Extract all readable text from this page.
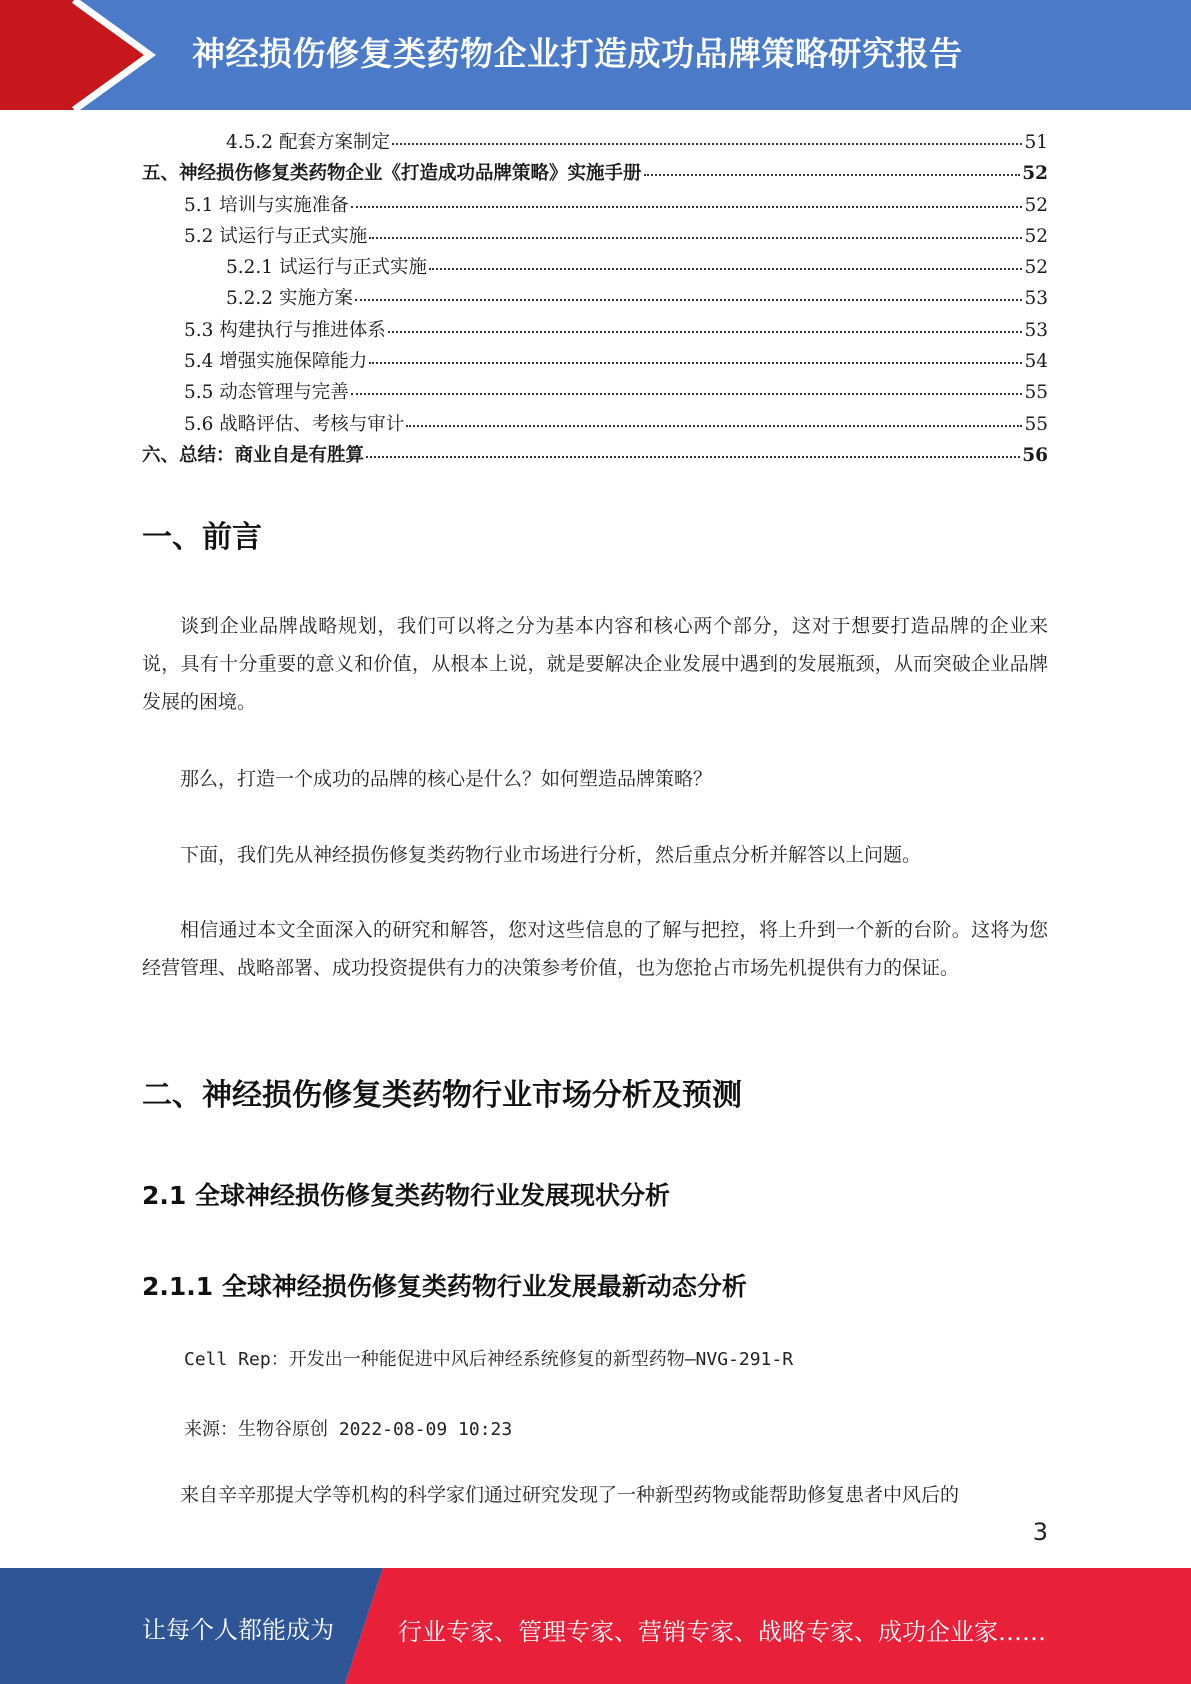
神经损伤修复类药物企业打造成功品牌策略研究报告
4.5.2 配套方案制定	51
五、神经损伤修复类药物企业《打造成功品牌策略》实施手册	52
5.1 培训与实施准备	52
5.2 试运行与正式实施	52
5.2.1 试运行与正式实施	52
5.2.2 实施方案	53
5.3 构建执行与推进体系	53
5.4 增强实施保障能力	54
5.5 动态管理与完善	55
5.6 战略评估、考核与审计	55
六、总结：商业自是有胜算	56
一、前言

谈到企业品牌战略规划，我们可以将之分为基本内容和核心两个部分，这对于想要打造品牌的企业来说，具有十分重要的意义和价值，从根本上说，就是要解决企业发展中遇到的发展瓶颈，从而突破企业品牌发展的困境。

那么，打造一个成功的品牌的核心是什么？如何塑造品牌策略？

下面，我们先从神经损伤修复类药物行业市场进行分析，然后重点分析并解答以上问题。

相信通过本文全面深入的研究和解答，您对这些信息的了解与把控，将上升到一个新的台阶。这将为您经营管理、战略部署、成功投资提供有力的决策参考价值，也为您抢占市场先机提供有力的保证。

二、神经损伤修复类药物行业市场分析及预测
2.1 全球神经损伤修复类药物行业发展现状分析
2.1.1 全球神经损伤修复类药物行业发展最新动态分析

Cell Rep：开发出一种能促进中风后神经系统修复的新型药物—NVG-291-R

来源：生物谷原创 2022-08-09 10:23

来自辛辛那提大学等机构的科学家们通过研究发现了一种新型药物或能帮助修复患者中风后的

3
让每个人都能成为	行业专家、管理专家、营销专家、战略专家、成功企业家……
